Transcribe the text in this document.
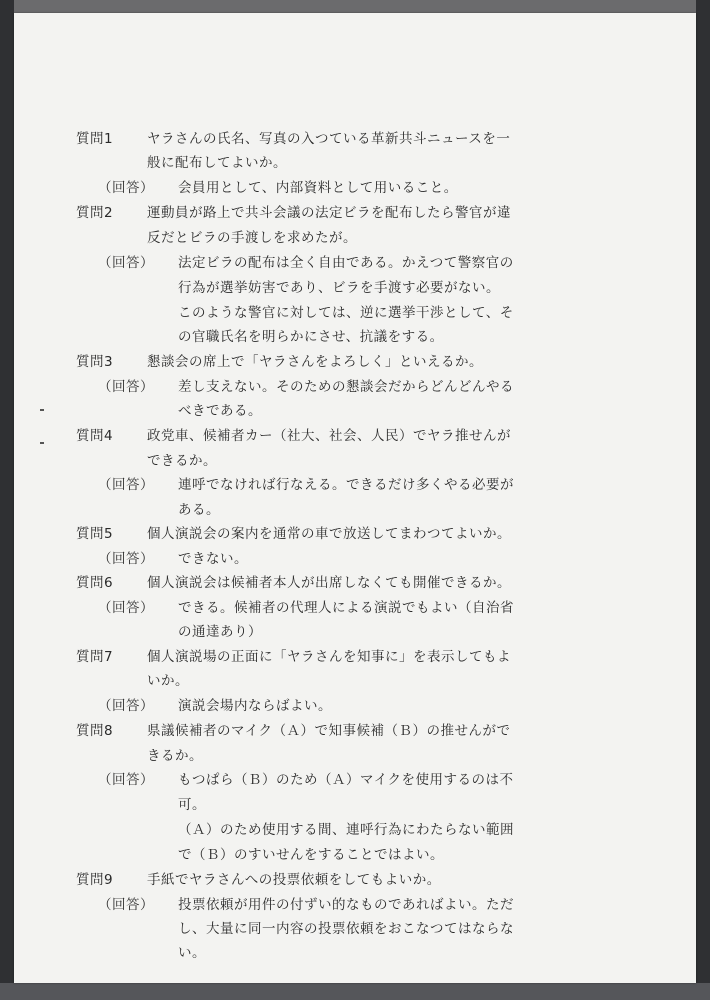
質問1	ヤラさんの氏名、写真の入つている革新共斗ニュースを一
般に配布してよいか。
（回答） 会員用として、内部資料として用いること。
質問2	運動員が路上で共斗会議の法定ビラを配布したら警官が違
反だとビラの手渡しを求めたが。
（回答） 法定ビラの配布は全く自由である。かえつて警察官の
行為が選挙妨害であり、ビラを手渡す必要がない。
このような警官に対しては、逆に選挙干渉として、そ
の官職氏名を明らかにさせ、抗議をする。
質問3	懇談会の席上で「ヤラさんをよろしく」といえるか。
（回答） 差し支えない。そのための懇談会だからどんどんやる
べきである。
質問4	政党車、候補者カー（社大、社会、人民）でヤラ推せんが
できるか。
（回答） 連呼でなければ行なえる。できるだけ多くやる必要が
ある。
質問5	個人演説会の案内を通常の車で放送してまわつてよいか。
（回答） できない。
質問6	個人演説会は候補者本人が出席しなくても開催できるか。
（回答） できる。候補者の代理人による演説でもよい（自治省
の通達あり）
質問7	個人演説場の正面に「ヤラさんを知事に」を表示してもよ
いか。
（回答） 演説会場内ならばよい。
質問8	県議候補者のマイク（Ａ）で知事候補（Ｂ）の推せんがで
きるか。
（回答） もつぱら（Ｂ）のため（Ａ）マイクを使用するのは不
可。
（Ａ）のため使用する間、連呼行為にわたらない範囲
で（Ｂ）のすいせんをすることではよい。
質問9	手紙でヤラさんへの投票依頼をしてもよいか。
（回答） 投票依頼が用件の付ずい的なものであればよい。ただ
し、大量に同一内容の投票依頼をおこなつてはならな
い。
